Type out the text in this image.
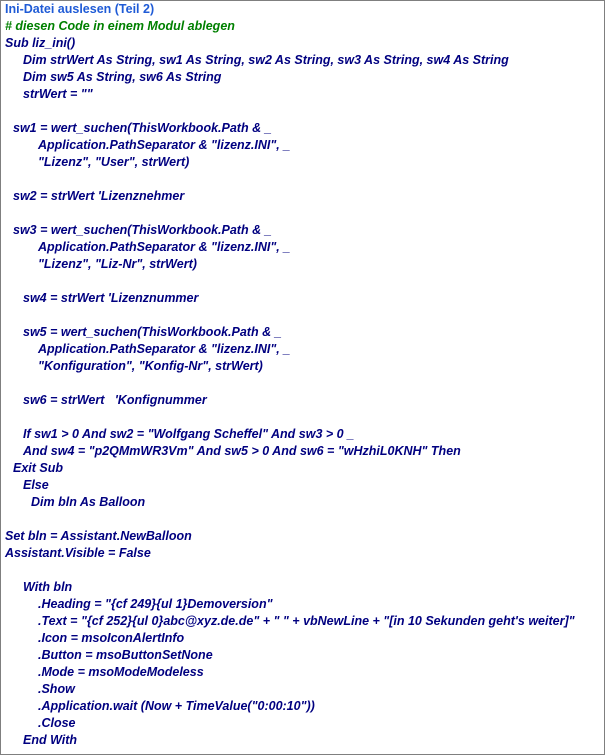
Ini-Datei auslesen (Teil 2)
# diesen Code in einem Modul ablegen
Sub liz_ini()
Dim strWert As String, sw1 As String, sw2 As String, sw3 As String, sw4 As String
Dim sw5 As String, sw6 As String
strWert = ""
sw1 = wert_suchen(ThisWorkbook.Path & _
Application.PathSeparator & "lizenz.INI", _
"Lizenz", "User", strWert)
sw2 = strWert 'Lizenznehmer
sw3 = wert_suchen(ThisWorkbook.Path & _
Application.PathSeparator & "lizenz.INI", _
"Lizenz", "Liz-Nr", strWert)
sw4 = strWert 'Lizenznummer
sw5 = wert_suchen(ThisWorkbook.Path & _
Application.PathSeparator & "lizenz.INI", _
"Konfiguration", "Konfig-Nr", strWert)
sw6 = strWert   'Konfignummer
If sw1 > 0 And sw2 = "Wolfgang Scheffel" And sw3 > 0 _
And sw4 = "p2QMmWR3Vm" And sw5 > 0 And sw6 = "wHzhiL0KNH" Then
Exit Sub
Else
Dim bln As Balloon
Set bln = Assistant.NewBalloon
Assistant.Visible = False
With bln
.Heading = "{cf 249}{ul 1}Demoversion"
.Text = "{cf 252}{ul 0}abc@xyz.de.de" + " " + vbNewLine + "[in 10 Sekunden geht's weiter]"
.Icon = msoIconAlertInfo
.Button = msoButtonSetNone
.Mode = msoModeModeless
.Show
.Application.wait (Now + TimeValue("0:00:10"))
.Close
End With
